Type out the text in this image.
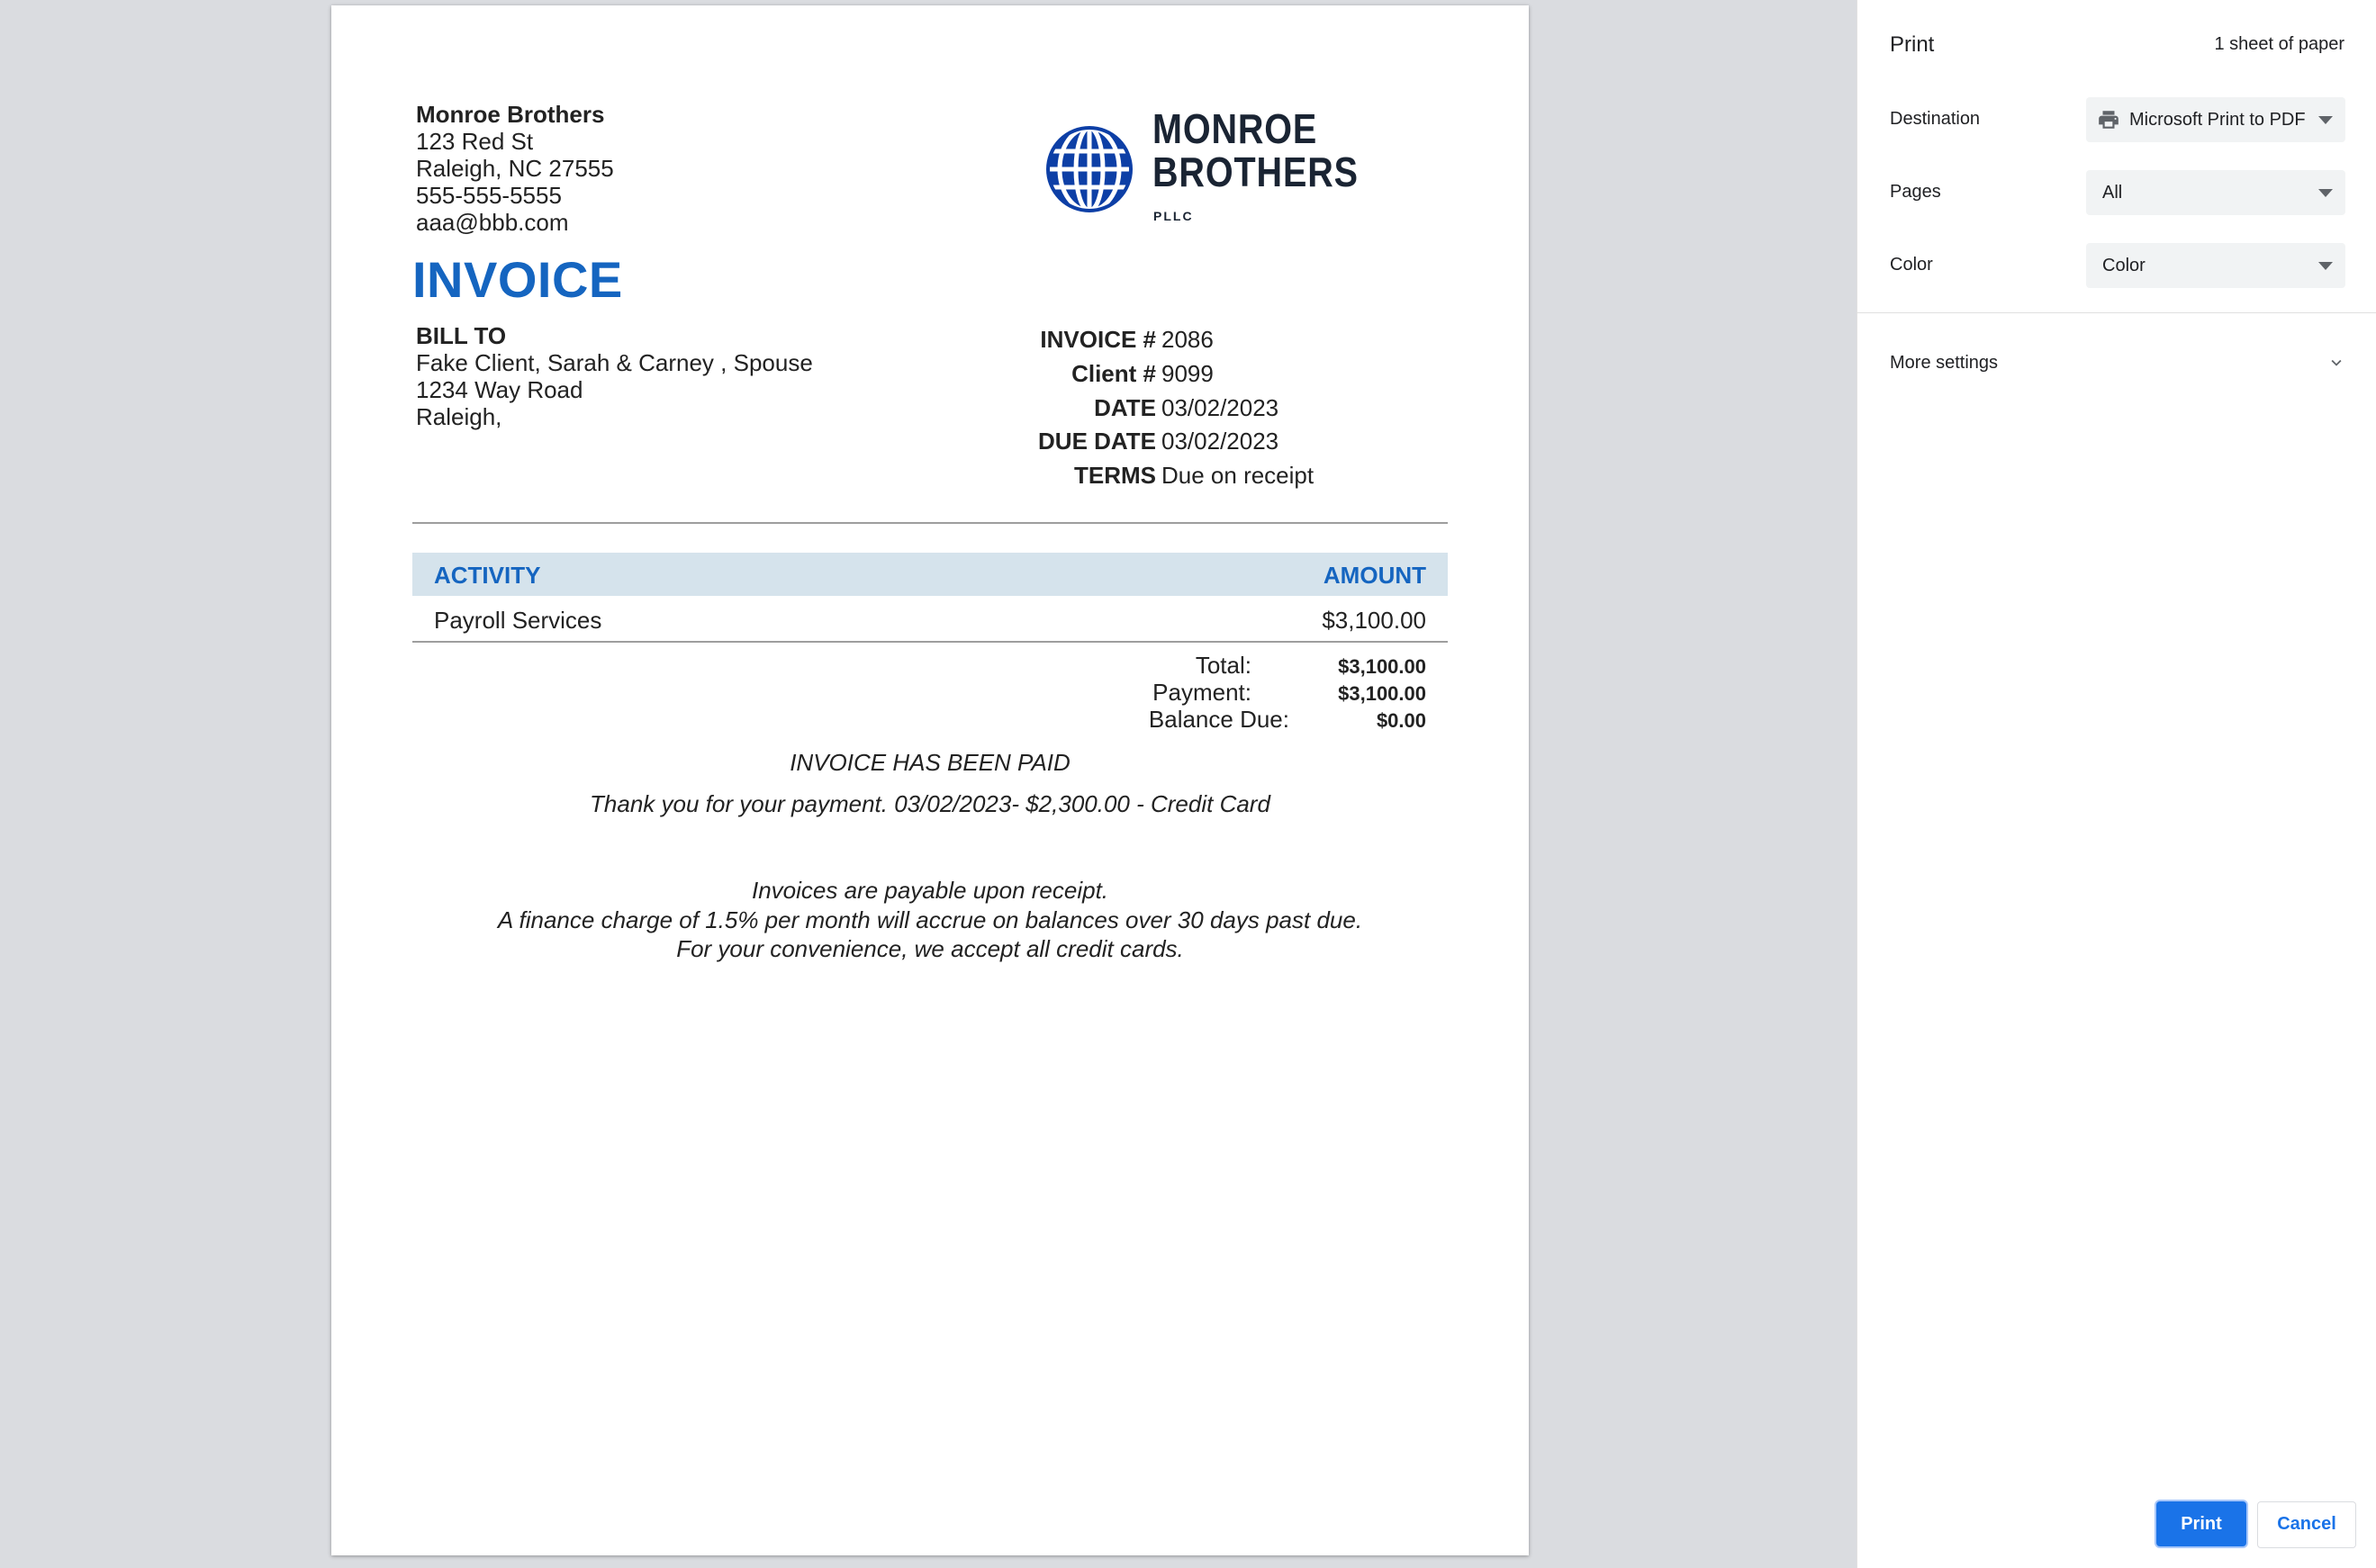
Monroe Brothers
123 Red St
Raleigh, NC 27555
555-555-5555
aaa@bbb.com
INVOICE
MONROE
BROTHERS
PLLC
BILL TO
Fake Client, Sarah & Carney , Spouse
1234 Way Road
Raleigh,
INVOICE # 2086
Client # 9099
DATE 03/02/2023
DUE DATE 03/02/2023
TERMS Due on receipt
ACTIVITY	AMOUNT
Payroll Services	$3,100.00
Total:	$3,100.00
Payment:	$3,100.00
Balance Due:	$0.00
INVOICE HAS BEEN PAID
Thank you for your payment. 03/02/2023- $2,300.00 - Credit Card
Invoices are payable upon receipt.
A finance charge of 1.5% per month will accrue on balances over 30 days past due.
For your convenience, we accept all credit cards.
Print	1 sheet of paper
Destination	Microsoft Print to PDF
Pages	All
Color	Color
More settings
Print	Cancel
